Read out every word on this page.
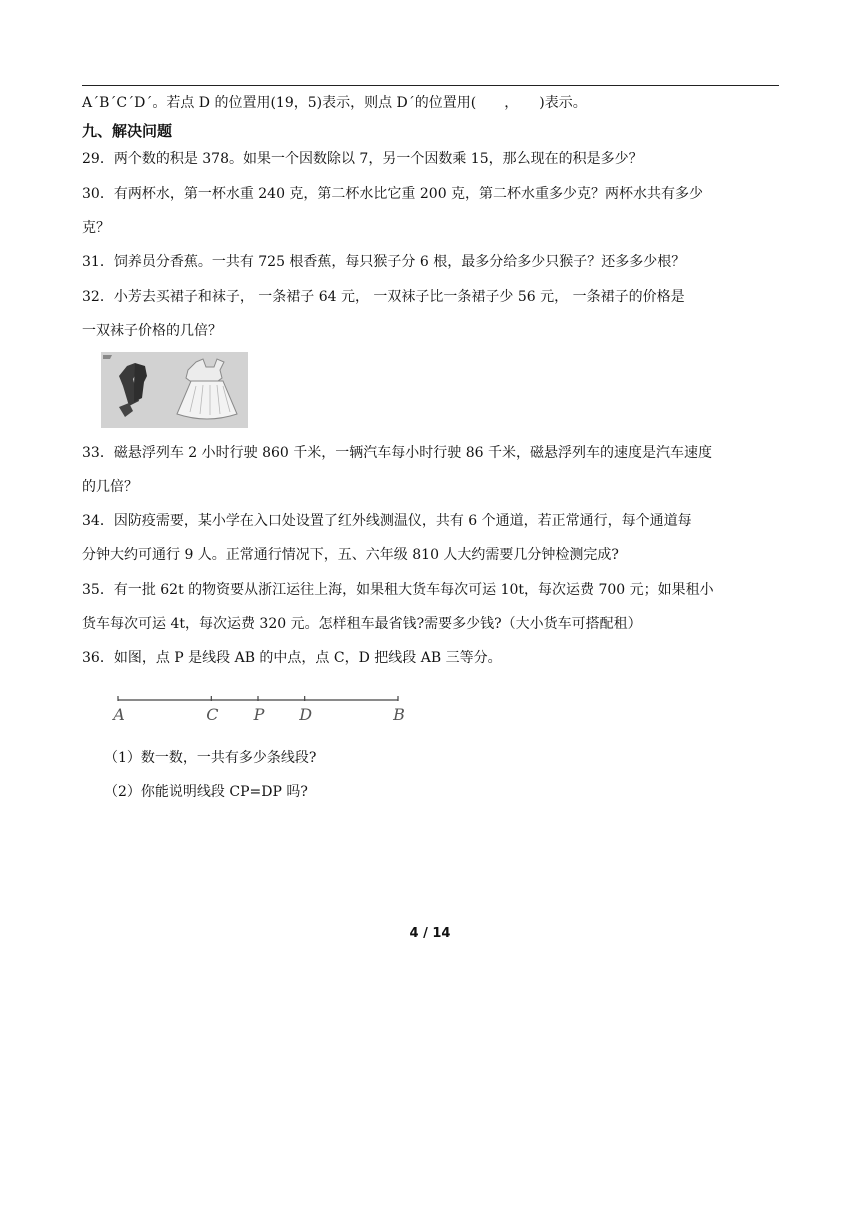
A´B´C´D´。若点 D 的位置用(19，5)表示，则点 D´的位置用(　　，　　)表示。
九、解决问题
29．两个数的积是 378。如果一个因数除以 7，另一个因数乘 15，那么现在的积是多少？
30．有两杯水，第一杯水重 240 克，第二杯水比它重 200 克，第二杯水重多少克？两杯水共有多少
克？
31．饲养员分香蕉。一共有 725 根香蕉，每只猴子分 6 根，最多分给多少只猴子？还多多少根？
32．小芳去买裙子和袜子， 一条裙子 64 元， 一双袜子比一条裙子少 56 元， 一条裙子的价格是
一双袜子价格的几倍？
33．磁悬浮列车 2 小时行驶 860 千米，一辆汽车每小时行驶 86 千米，磁悬浮列车的速度是汽车速度
的几倍？
34．因防疫需要，某小学在入口处设置了红外线测温仪，共有 6 个通道，若正常通行，每个通道每
分钟大约可通行 9 人。正常通行情况下，五、六年级 810 人大约需要几分钟检测完成?
35．有一批 62t 的物资要从浙江运往上海，如果租大货车每次可运 10t，每次运费 700 元；如果租小
货车每次可运 4t，每次运费 320 元。怎样租车最省钱?需要多少钱?（大小货车可搭配租）
36．如图，点 P 是线段 AB 的中点，点 C，D 把线段 AB 三等分。
A	C P D	B
（1）数一数，一共有多少条线段?
（2）你能说明线段 CP=DP 吗?
4 / 14
